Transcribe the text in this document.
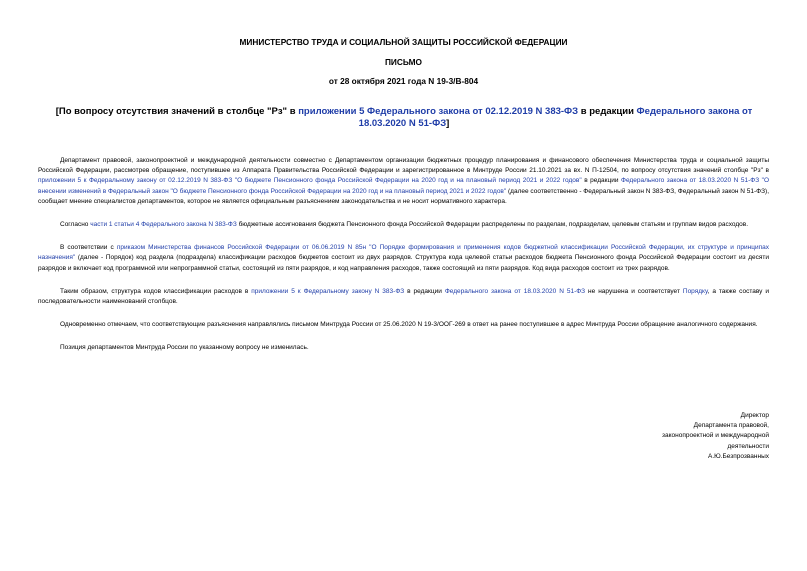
МИНИСТЕРСТВО ТРУДА И СОЦИАЛЬНОЙ ЗАЩИТЫ РОССИЙСКОЙ ФЕДЕРАЦИИ
ПИСЬМО
от 28 октября 2021 года N 19-3/В-804
[По вопросу отсутствия значений в столбце "Рз" в приложении 5 Федерального закона от 02.12.2019 N 383-ФЗ в редакции Федерального закона от 18.03.2020 N 51-ФЗ]

Департамент правовой, законопроектной и международной деятельности совместно с Департаментом организации бюджетных процедур планирования и финансового обеспечения Министерства труда и социальной защиты Российской Федерации, рассмотрев обращение, поступившее из Аппарата Правительства Российской Федерации и зарегистрированное в Минтруде России 21.10.2021 за вх. N П-12504, по вопросу отсутствия значений столбце "Рз" в приложении 5 к Федеральному закону от 02.12.2019 N 383-ФЗ "О бюджете Пенсионного фонда Российской Федерации на 2020 год и на плановый период 2021 и 2022 годов" в редакции Федерального закона от 18.03.2020 N 51-ФЗ "О внесении изменений в Федеральный закон "О бюджете Пенсионного фонда Российской Федерации на 2020 год и на плановый период 2021 и 2022 годов" (далее соответственно - Федеральный закон N 383-ФЗ, Федеральный закон N 51-ФЗ), сообщает мнение специалистов департаментов, которое не является официальным разъяснением законодательства и не носит нормативного характера.

Согласно части 1 статьи 4 Федерального закона N 383-ФЗ бюджетные ассигнования бюджета Пенсионного фонда Российской Федерации распределены по разделам, подразделам, целевым статьям и группам видов расходов.

В соответствии с приказом Министерства финансов Российской Федерации от 06.06.2019 N 85н "О Порядке формирования и применения кодов бюджетной классификации Российской Федерации, их структуре и принципах назначения" (далее - Порядок) код раздела (подраздела) классификации расходов бюджетов состоит из двух разрядов. Структура кода целевой статьи расходов бюджета Пенсионного фонда Российской Федерации состоит из десяти разрядов и включает код программной или непрограммной статьи, состоящий из пяти разрядов, и код направления расходов, также состоящий из пяти разрядов. Код вида расходов состоит из трех разрядов.

Таким образом, структура кодов классификации расходов в приложении 5 к Федеральному закону N 383-ФЗ в редакции Федерального закона от 18.03.2020 N 51-ФЗ не нарушена и соответствует Порядку, а также составу и последовательности наименований столбцов.

Одновременно отмечаем, что соответствующие разъяснения направлялись письмом Минтруда России от 25.06.2020 N 19-3/ООГ-269 в ответ на ранее поступившее в адрес Минтруда России обращение аналогичного содержания.

Позиция департаментов Минтруда России по указанному вопросу не изменилась.

Директор
Департамента правовой,
законопроектной и международной
деятельности
А.Ю.Безпрозванных
